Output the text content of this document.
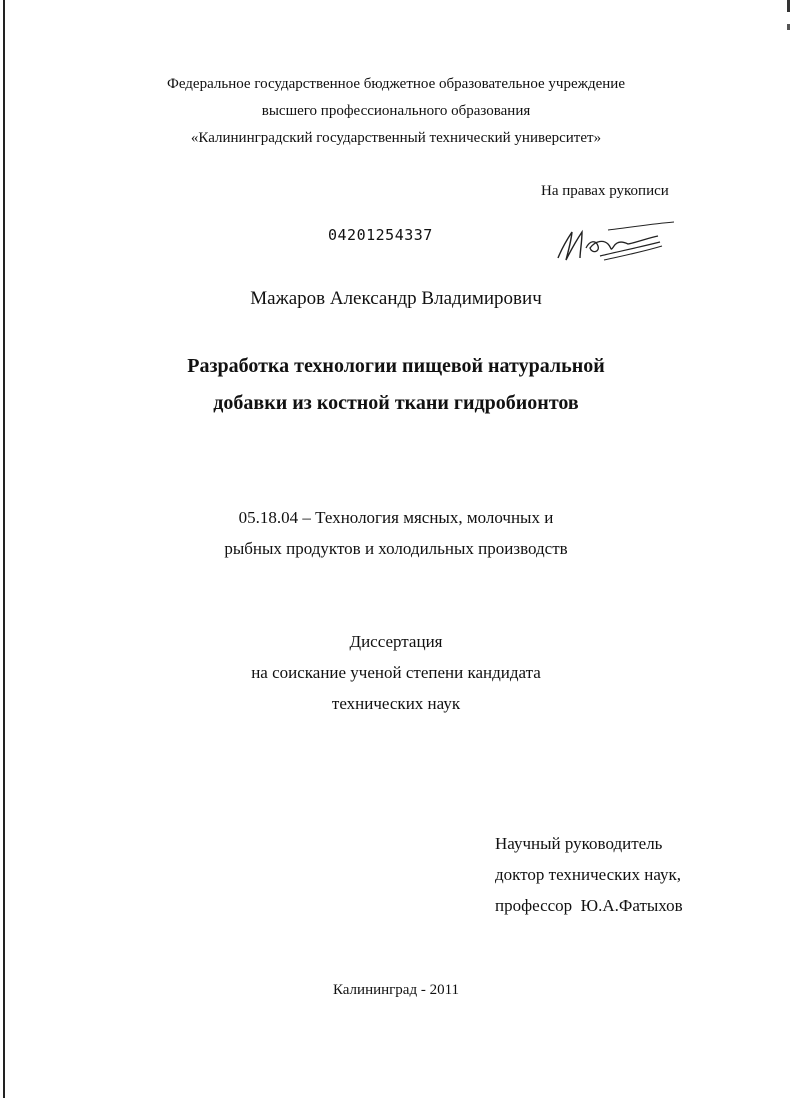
Федеральное государственное бюджетное образовательное учреждение
высшего профессионального образования
«Калининградский государственный технический университет»
На правах рукописи
04201254337
Мажаров Александр Владимирович
Разработка технологии пищевой натуральной
добавки из костной ткани гидробионтов
05.18.04 – Технология мясных, молочных и
рыбных продуктов и холодильных производств
Диссертация
на соискание ученой степени кандидата
технических наук
Научный руководитель
доктор технических наук,
профессор  Ю.А.Фатыхов
Калининград - 2011
